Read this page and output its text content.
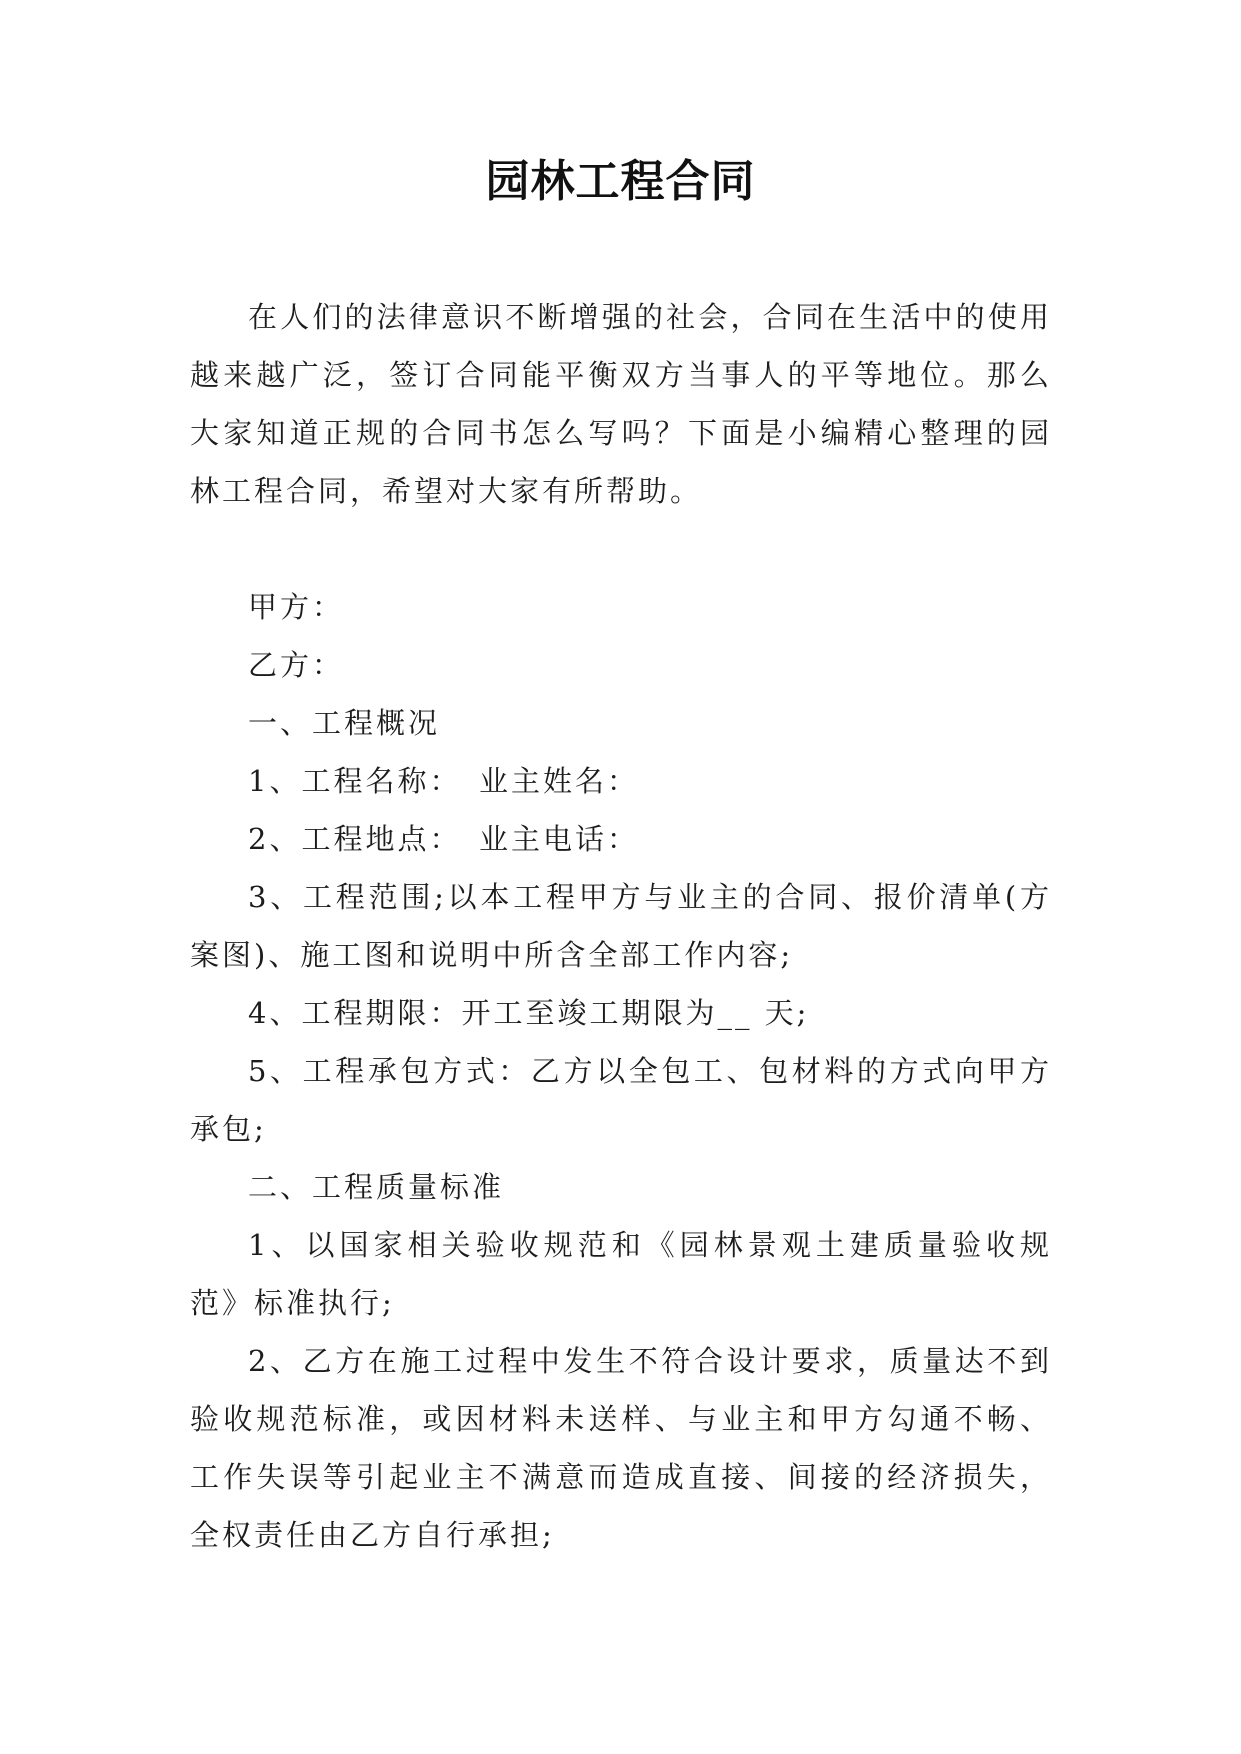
园林工程合同

在人们的法律意识不断增强的社会，合同在生活中的使用越来越广泛，签订合同能平衡双方当事人的平等地位。那么大家知道正规的合同书怎么写吗？下面是小编精心整理的园林工程合同，希望对大家有所帮助。

甲方：

乙方：

一、工程概况

1、工程名称：　业主姓名：

2、工程地点：　业主电话：

3、工程范围;以本工程甲方与业主的合同、报价清单(方案图)、施工图和说明中所含全部工作内容;

4、工程期限：开工至竣工期限为__ 天;

5、工程承包方式：乙方以全包工、包材料的方式向甲方承包;

二、工程质量标准

1、以国家相关验收规范和《园林景观土建质量验收规范》标准执行;

2、乙方在施工过程中发生不符合设计要求，质量达不到验收规范标准，或因材料未送样、与业主和甲方勾通不畅、工作失误等引起业主不满意而造成直接、间接的经济损失，全权责任由乙方自行承担;
